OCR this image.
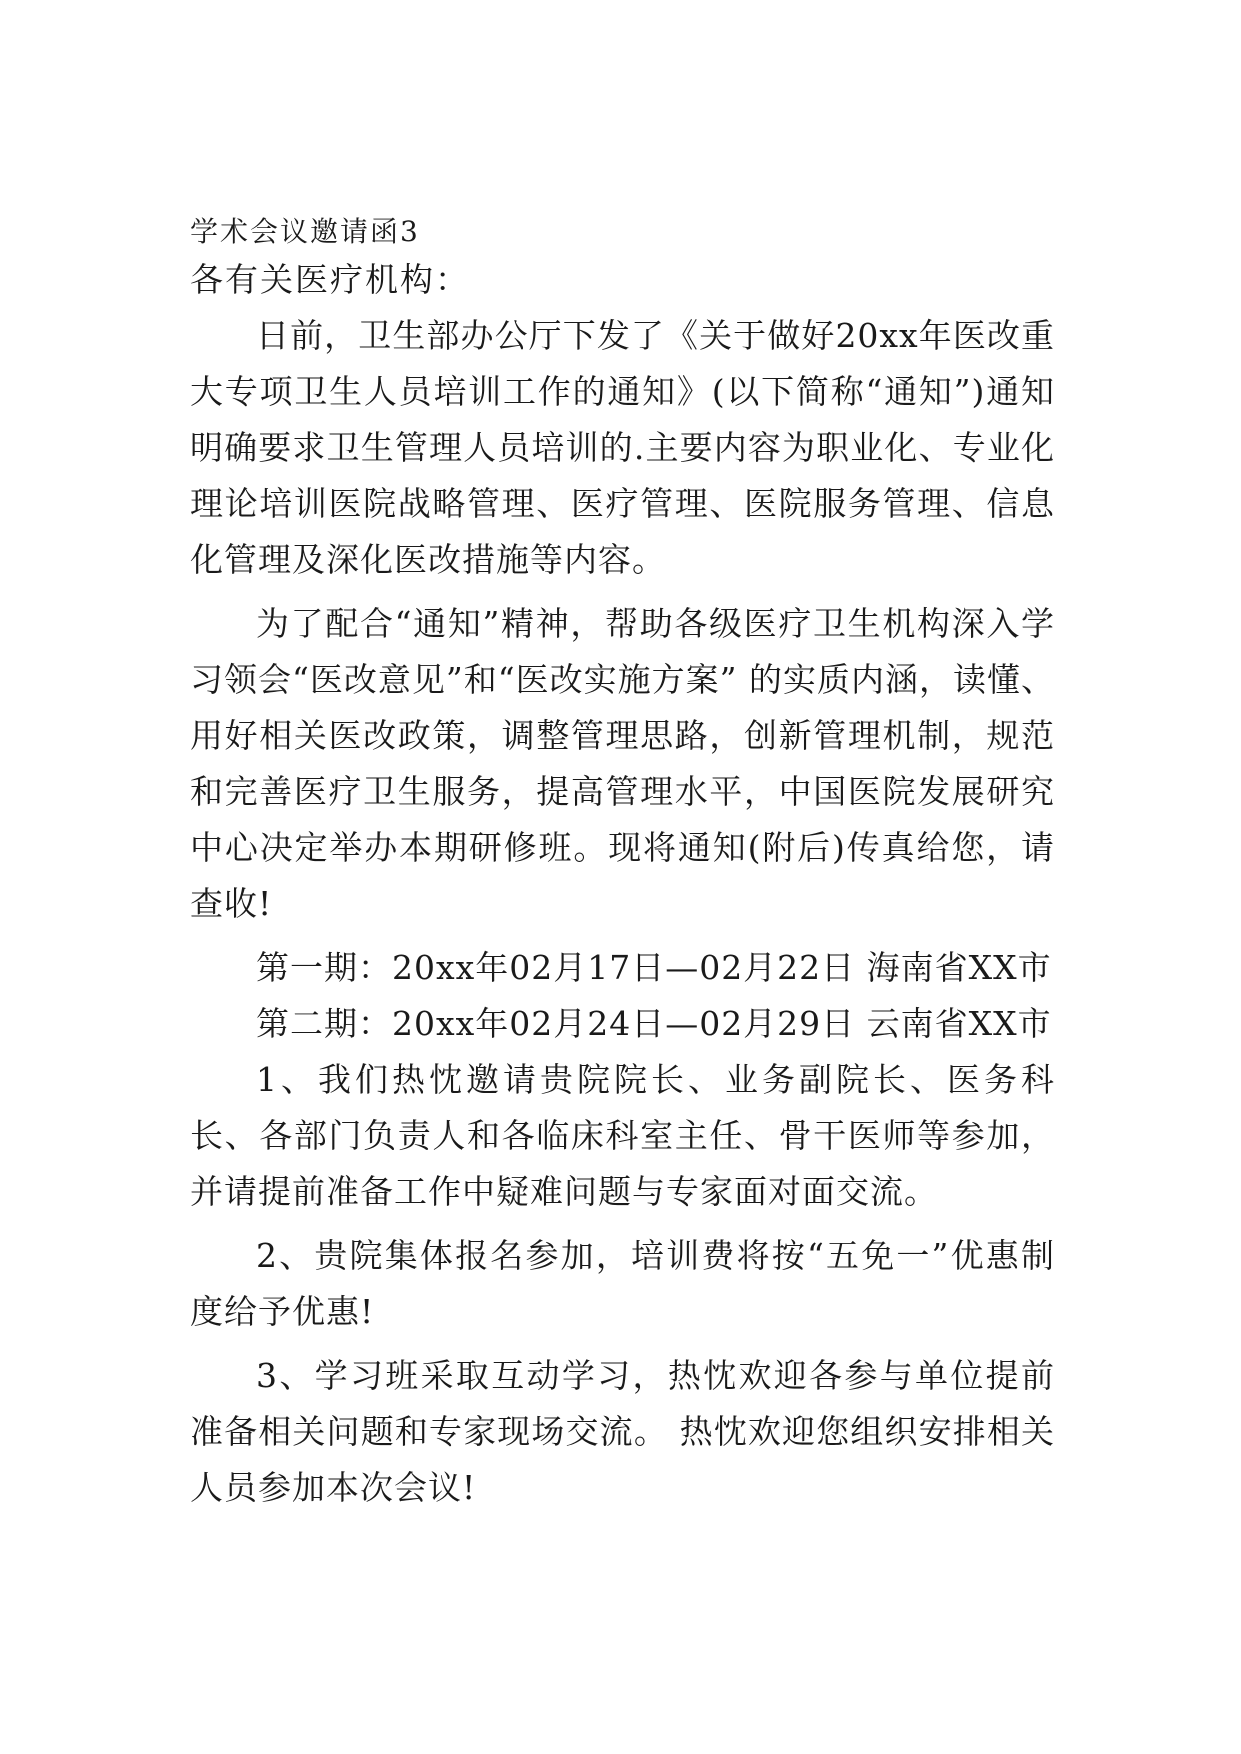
学术会议邀请函3

各有关医疗机构：

日前，卫生部办公厅下发了《关于做好20xx年医改重大专项卫生人员培训工作的通知》(以下简称“通知”)通知明确要求卫生管理人员培训的.主要内容为职业化、专业化理论培训医院战略管理、医疗管理、医院服务管理、信息化管理及深化医改措施等内容。

为了配合“通知”精神，帮助各级医疗卫生机构深入学习领会“医改意见”和“医改实施方案” 的实质内涵，读懂、用好相关医改政策，调整管理思路，创新管理机制，规范和完善医疗卫生服务，提高管理水平，中国医院发展研究中心决定举办本期研修班。现将通知(附后)传真给您，请查收!

第一期：20xx年02月17日—02月22日 海南省XX市

第二期：20xx年02月24日—02月29日 云南省XX市

1、我们热忱邀请贵院院长、业务副院长、医务科长、各部门负责人和各临床科室主任、骨干医师等参加，并请提前准备工作中疑难问题与专家面对面交流。

2、贵院集体报名参加，培训费将按“五免一”优惠制度给予优惠!

3、学习班采取互动学习，热忱欢迎各参与单位提前准备相关问题和专家现场交流。 热忱欢迎您组织安排相关人员参加本次会议!
